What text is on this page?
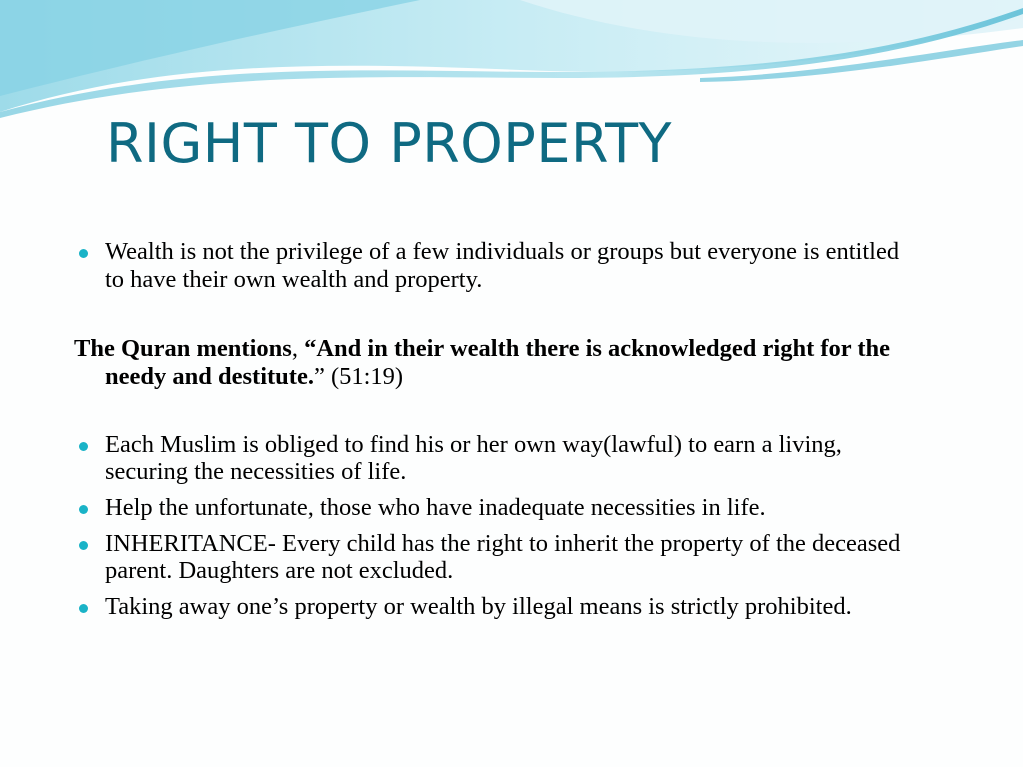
RIGHT TO PROPERTY

Wealth is not the privilege of a few individuals or groups but everyone is entitled to have their own wealth and property.

The Quran mentions, “And in their wealth there is acknowledged right for the needy and destitute.” (51:19)

Each Muslim is obliged to find his or her own way(lawful) to earn a living, securing the necessities of life.

Help the unfortunate, those who have inadequate necessities in life.

INHERITANCE- Every child has the right to inherit the property of the deceased parent. Daughters are not excluded.

Taking away one’s property or wealth by illegal means is strictly prohibited.
